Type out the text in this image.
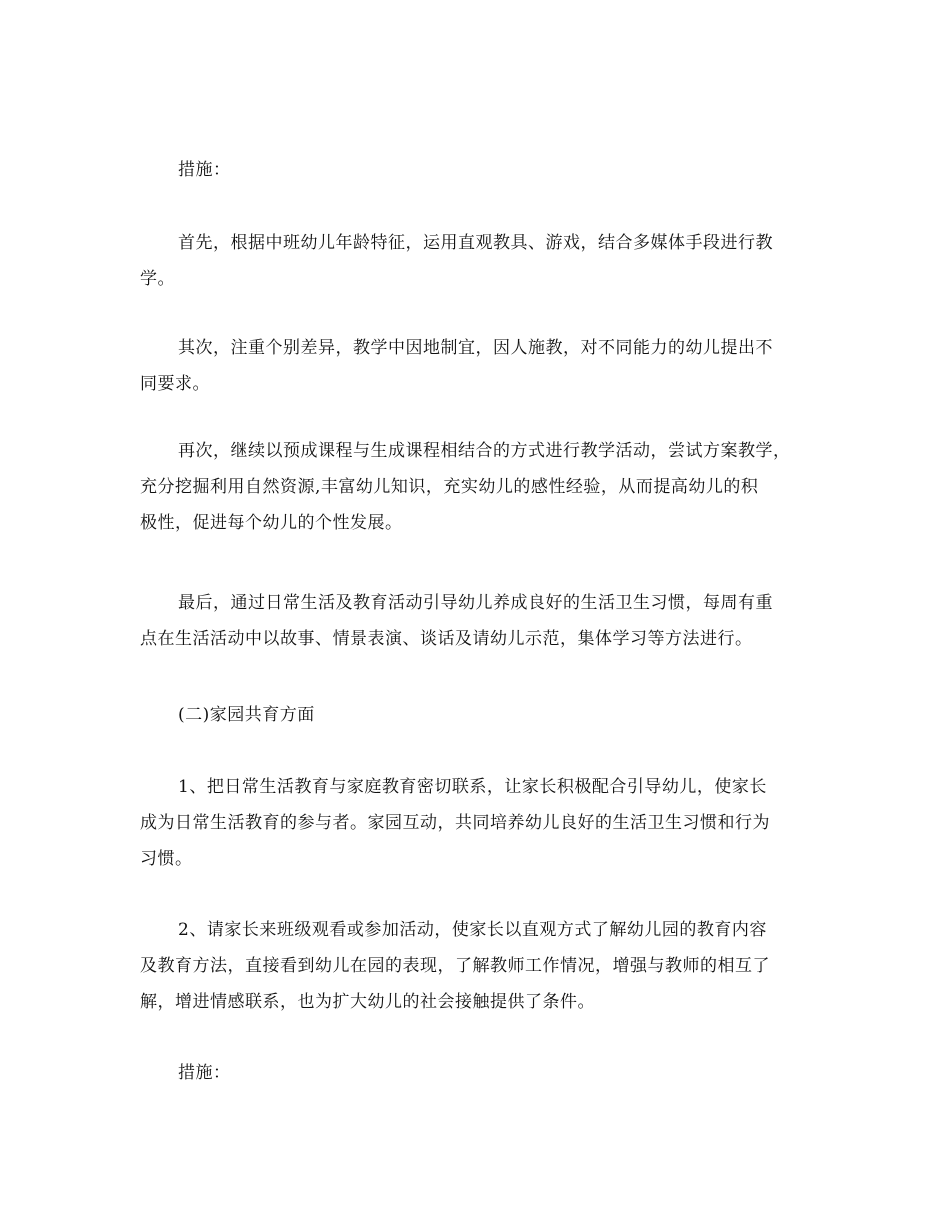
措施：

首先，根据中班幼儿年龄特征，运用直观教具、游戏，结合多媒体手段进行教
学。

其次，注重个别差异，教学中因地制宜，因人施教，对不同能力的幼儿提出不
同要求。

再次，继续以预成课程与生成课程相结合的方式进行教学活动，尝试方案教学，
充分挖掘利用自然资源,丰富幼儿知识，充实幼儿的感性经验，从而提高幼儿的积
极性，促进每个幼儿的个性发展。

最后，通过日常生活及教育活动引导幼儿养成良好的生活卫生习惯，每周有重
点在生活活动中以故事、情景表演、谈话及请幼儿示范，集体学习等方法进行。

(二)家园共育方面

1、把日常生活教育与家庭教育密切联系，让家长积极配合引导幼儿，使家长
成为日常生活教育的参与者。家园互动，共同培养幼儿良好的生活卫生习惯和行为
习惯。

2、请家长来班级观看或参加活动，使家长以直观方式了解幼儿园的教育内容
及教育方法，直接看到幼儿在园的表现，了解教师工作情况，增强与教师的相互了
解，增进情感联系，也为扩大幼儿的社会接触提供了条件。

措施：
